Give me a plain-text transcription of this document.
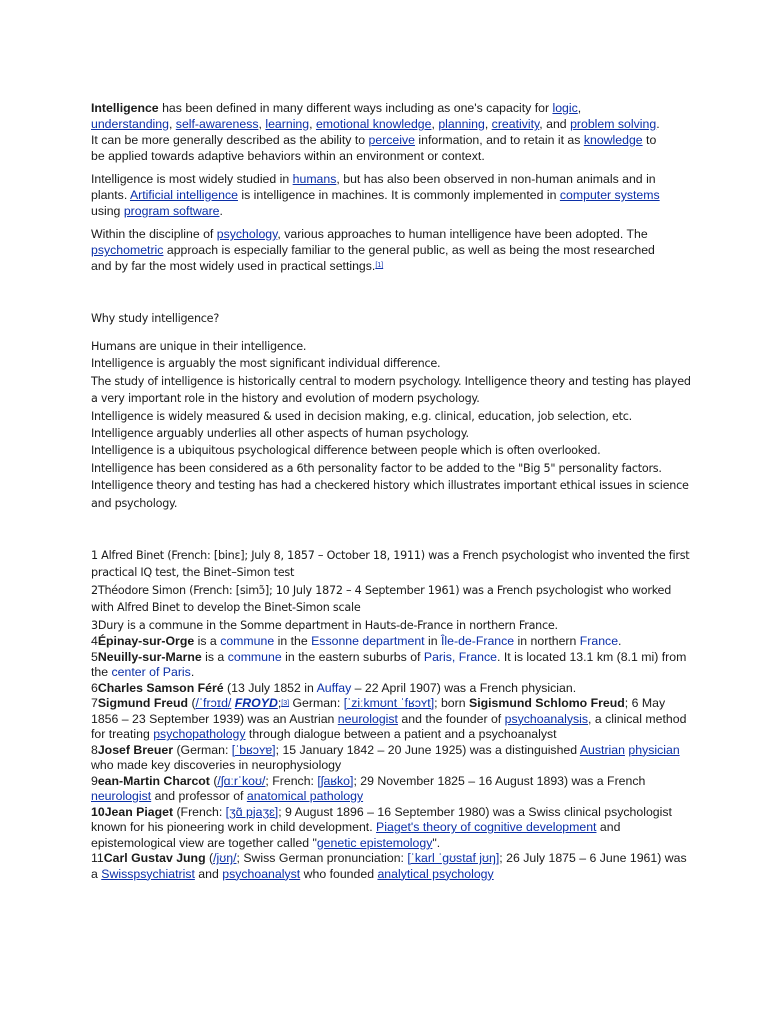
Intelligence has been defined in many different ways including as one's capacity for logic, understanding, self-awareness, learning, emotional knowledge, planning, creativity, and problem solving. It can be more generally described as the ability to perceive information, and to retain it as knowledge to be applied towards adaptive behaviors within an environment or context.

Intelligence is most widely studied in humans, but has also been observed in non-human animals and in plants. Artificial intelligence is intelligence in machines. It is commonly implemented in computer systems using program software.

Within the discipline of psychology, various approaches to human intelligence have been adopted. The psychometric approach is especially familiar to the general public, as well as being the most researched and by far the most widely used in practical settings.[1]

Why study intelligence?

Humans are unique in their intelligence.

Intelligence is arguably the most significant individual difference.

The study of intelligence is historically central to modern psychology. Intelligence theory and testing has played a very important role in the history and evolution of modern psychology.

Intelligence is widely measured & used in decision making, e.g. clinical, education, job selection, etc.

Intelligence arguably underlies all other aspects of human psychology.

Intelligence is a ubiquitous psychological difference between people which is often overlooked.

Intelligence has been considered as a 6th personality factor to be added to the "Big 5" personality factors.

Intelligence theory and testing has had a checkered history which illustrates important ethical issues in science and psychology.

1 Alfred Binet (French: [binɛ]; July 8, 1857 – October 18, 1911) was a French psychologist who invented the first practical IQ test, the Binet–Simon test

2Théodore Simon (French: [simɔ̃]; 10 July 1872 – 4 September 1961) was a French psychologist who worked with Alfred Binet to develop the Binet-Simon scale

3Dury is a commune in the Somme department in Hauts-de-France in northern France.

4Épinay-sur-Orge is a commune in the Essonne department in Île-de-France in northern France.

5Neuilly-sur-Marne is a commune in the eastern suburbs of Paris, France. It is located 13.1 km (8.1 mi) from the center of Paris.

6Charles Samson Féré (13 July 1852 in Auffay – 22 April 1907) was a French physician.

7Sigmund Freud (/ˈfrɔɪd/ FROYD;[3] German: [ˈziːkmʊnt ˈfʁɔʏt]; born Sigismund Schlomo Freud; 6 May 1856 – 23 September 1939) was an Austrian neurologist and the founder of psychoanalysis, a clinical method for treating psychopathology through dialogue between a patient and a psychoanalyst

8Josef Breuer (German: [ˈbʁɔʏɐ]; 15 January 1842 – 20 June 1925) was a distinguished Austrian physician who made key discoveries in neurophysiology

9ean-Martin Charcot (/ʃɑːrˈkoʊ/; French: [ʃaʁko]; 29 November 1825 – 16 August 1893) was a French neurologist and professor of anatomical pathology

10Jean Piaget (French: [ʒɑ̃ pjaʒɛ]; 9 August 1896 – 16 September 1980) was a Swiss clinical psychologist known for his pioneering work in child development. Piaget's theory of cognitive development and epistemological view are together called "genetic epistemology".

11Carl Gustav Jung (/jʊŋ/; Swiss German pronunciation: [ˈkarl ˈɡʊstaf jʊŋ]; 26 July 1875 – 6 June 1961) was a Swisspsychiatrist and psychoanalyst who founded analytical psychology
